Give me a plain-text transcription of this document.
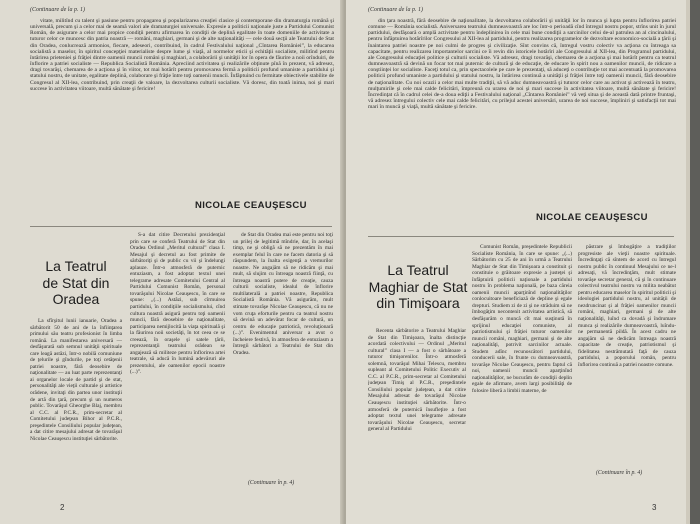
(Continuare de la p. 1)

vitate, militînd cu talent şi pasiune pentru propagarea şi popularizarea creaţiei clasice şi contemporane din dramaturgia română şi universală, precum şi a celor mai de seamă valori ale dramaturgiei universale. Expresie a politicii naţionale juste a Partidului Comunist Român, de asigurare a celor mai propice condiţii pentru afirmarea în condiţii de deplină egalitate în toate domeniile de activitate a tuturor celor ce muncesc din patria noastră — români, maghiari, germani şi de alte naţionalităţi — cele două secţii ale Teatrului de Stat din Oradea, conlucrează armonios, fiecare, adeseori, contribuind, în cadrul Festivalului naţional „Cîntarea României”, la educarea socialistă a maselor, în spiritul concepţiei materialiste despre lume şi viaţă, al normelor eticii şi echităţii socialiste, militînd pentru întărirea prieteniei şi frăţiei dintre oamenii muncii români şi maghiari, a colaborării şi unităţii lor în opera de făurire a noii orînduiri, de înflorire a patriei socialiste — Republica Socialistă România. Apreciind activitatea şi realizările obţinute pînă în prezent, vă adresez, dragi tovarăşi, chemarea de a acţiona şi în viitor, tot mai hotărît pentru promovarea fermă a politicii profund umaniste a partidului şi statului nostru, de unitate, egalitate deplină, colaborare şi frăţie între toţi oamenii muncii. Înfăptuind cu fermitate obiectivele stabilite de Congresul al XII-lea, contribuind, prin creaţii de valoare, la dezvoltarea culturii socialiste. Vă doresc, din toată inima, noi şi mari succese în activitatea viitoare, multă sănătate şi fericire!

NICOLAE CEAUŞESCU
La Teatrul
de Stat din
Oradea

La sfîrşitul lunii ianuarie, Oradea a sărbătorit 50 de ani de la înfiinţarea primului său teatru profesionist în limba română. La manifestarea aniversară — desfăşurată sub semnul unităţii spirituale care leagă astăzi, într-o nobilă comuniune de ţelurile şi gîndurile, pe toţi cetăţenii patriei noastre, fără deosebire de naţionalitate — au luat parte reprezentanţi ai organelor locale de partid şi de stat, personalităţi ale vieţii culturale şi artistice orădene, invitaţi din partea unor instituţii de artă din ţară, precum şi un numeros public. Tovarăşul Gheorghe Blaj, membru al C.C. al P.C.R., prim-secretar al Comitetului judeţean Bihor al P.C.R., preşedintele Consiliului popular judeţean, a dat citire mesajului adresat de tovarăşul Nicolae Ceauşescu instituţiei sărbătorite.

S-a dat citire Decretului prezidenţial prin care se conferă Teatrului de Stat din Oradea Ordinul „Meritul cultural” clasa I. Mesajul şi decretul au fost primite de sărbătoriţi şi de public cu vii şi îndelungi aplauze. Într-o atmosferă de puternic entuziasm, a fost adoptat textul unei telegrame adresate Comitetului Central al Partidului Comunist Român, personal tovarăşului Nicolae Ceauşescu, în care se spune: „(...) Astăzi, sub cîrmuirea partidului, în condiţiile socialismului, cînd cultura noastră asigură pentru toţi oamenii muncii, fără deosebire de naţionalitate, participarea nemijlocită la viaţa spirituală şi la făurirea noii societăţi, în tot ceea ce se creează, în oraşele şi satele ţării, reprezentanţii teatrului orădean se angajează să militeze pentru înflorirea artei teatrale, să aducă în lumină adevăruri ale prezentului, ale oamenilor epocii noastre (...)”.

de Stat din Oradea mai este pentru noi toţi un prilej de legitimă mîndrie, dar, în acelaşi timp, ne şi obligă să ne prezentăm în mai exemplar felul în care ne facem datoria şi să răspundem, la înalta exigenţă a vremurilor noastre. Ne angajăm să ne ridicăm şi mai mult, să slujim cu întreaga noastră fiinţă, cu întreaga noastră putere de creaţie, cauza culturii socialiste, idealul de înflorire multilaterală a patriei noastre, Republica Socialistă România. Vă asigurăm, mult stimate tovarăşe Nicolae Ceauşescu, că nu ne vom cruţa eforturile pentru ca teatrul nostru să devină un adevărat focar de cultură, un centru de educaţie patriotică, revoluţionară (...)”. Evenimentul aniversar a avut o încheiere festivă, în atmosfera de entuziasm a întregii sărbători a Teatrului de Stat din Oradea.

(Continuare în p. 4)
2
(Continuare de la p. 1)

din ţara noastră, fără deosebire de naţionalitate, la dezvoltarea colaborării şi unităţii lor în munca şi lupta pentru înflorirea patriei comune — România socialistă. Aniversarea teatrului dumneavoastră are loc într-o perioadă cînd întregul nostru popor, strîns unit în jurul partidului, desfăşoară o amplă activitate pentru îndeplinirea în cele mai bune condiţii a sarcinilor celui de-al patrulea an al cincinalului, pentru înfăptuirea hotărîrilor Congresului al XII-lea al partidului, pentru realizarea programelor de dezvoltare economico-socială a ţării şi înaintarea patriei noastre pe noi culmi de progres şi civilizaţie. Sînt convins că, întregul vostru colectiv va acţiona cu întreaga sa capacitate, pentru realizarea importantelor sarcini ce îi revin din istoricele hotărîri ale Congresului al XII-lea, din Programul partidului, ale Congresului educaţiei politice şi culturii socialiste. Vă adresez, dragi tovarăşi, chemarea de a acţiona şi mai hotărît pentru ca teatrul dumneavoastră să devină un focar tot mai puternic de cultură şi de educaţie, de educare în spirit nou a oamenilor muncii, de ridicare a conştiinţei lor socialiste. Faceţi totul ca, prin spectacolele pe care le prezentaţi, să aduceţi o contribuţie tot mai accentuată la promovarea politicii profund umaniste a partidului şi statului nostru, la întărirea continuă a unităţii şi frăţiei între toţi oamenii muncii, fără deosebire de naţionalitate. Cu noi ocazii a celor mai multe tradiţii, să vă aduc dumneavoastră şi tuturor celor care au activat şi activează în teatru, mulţumirile şi cele mai calde felicitări, împreună cu urarea de noi şi mari succese în activitatea viitoare, multă sănătate şi fericire! Încredinţat că în cadrul celei de-a doua ediţii a Festivalului naţional „Cîntarea României” vă veţi situa şi de această dată printre fruntaşi, vă adresez întregului colectiv cele mai calde felicitări, cu prilejul acestei aniversări, urarea de noi succese, împliniri şi satisfacţii tot mai mari în muncă şi viaţă, multă sănătate şi fericire.

NICOLAE CEAUŞESCU
La Teatrul
Maghiar de Stat
din Timişoara

Recenta sărbătorire a Teatrului Maghiar de Stat din Timişoara, înalta distincţie acordată colectivului — Ordinul „Meritul cultural” clasa I — a fost o sărbătoare a tuturor timişorenilor. Într-o atmosferă solemnă, tovarăşul Mihai Telescu, membru supleant al Comitetului Politic Executiv al C.C. al P.C.R., prim-secretar al Comitetului judeţean Timiş al P.C.R., preşedintele Consiliului popular judeţean, a dat citire Mesajului adresat de tovarăşul Nicolae Ceauşescu instituţiei sărbătorite. Într-o atmosferă de puternică însufleţire a fost adoptat textul unei telegrame adresate tovarăşului Nicolae Ceauşescu, secretar general al Partidului

Comunist Român, preşedintele Republicii Socialiste România, în care se spune: „(...) Sărbătorim cu 25 de ani în urmă a Teatrului Maghiar de Stat din Timişoara a constituit şi constituie o grăitoare expresie a justeţei şi înfăptuirii politicii naţionale a partidului nostru în problema naţională, pe baza căreia oamenii muncii aparţinînd naţionalităţilor conlocuitoare beneficiază de depline şi egale drepturi. Studiem zi de zi şi ne străduim să ne îmbogăţim necontenit activitatea artistică, să desfăşurăm o muncă cît mai susţinută în sprijinul educaţiei comuniste, al patriotismului şi frăţiei tuturor oamenilor muncii români, maghiari, germani şi de alte naţionalităţi, potrivit sarcinilor actuale. Studem adînc recunoscători partidului, conducerii sale, în frunte cu dumneavoastră, tovarăşe Nicolae Ceauşescu, pentru faptul că noi, oamenii muncii aparţinînd naţionalităţilor, ne bucurăm de condiţii deplin egale de afirmare, avem largi posibilităţi de folosire liberă a limbii materne, de

păstrare şi îmbogăţire a tradiţiilor progresiste ale vieţii noastre spirituale. Încredinţaţi că sîntem de acord cu întregul nostru public în continuul Mesajului ce ne-l adresaţi, vă încredinţăm, mult stimate tovarăşe secretar general, că şi în continuare colectivul teatrului nostru va milita neabătut pentru educarea maselor în spiritul politicii şi ideologiei partidului nostru, al unităţii de nezdruncinat şi al frăţiei oamenilor muncii români, maghiari, germani şi de alte naţionalităţi, luînd ca dovadă şi îndrumare munca şi realizările dumneavoastră, luîndu-ne permanentă pildă. În acest cadru ne angajăm să ne dedicăm întreaga noastră capacitate de creaţie, patriotismul şi fidelitatea nestrămutată faţă de cauza partidului, a poporului român, pentru înflorirea continuă a patriei noastre comune.

(Continuare în p. 4)
3
